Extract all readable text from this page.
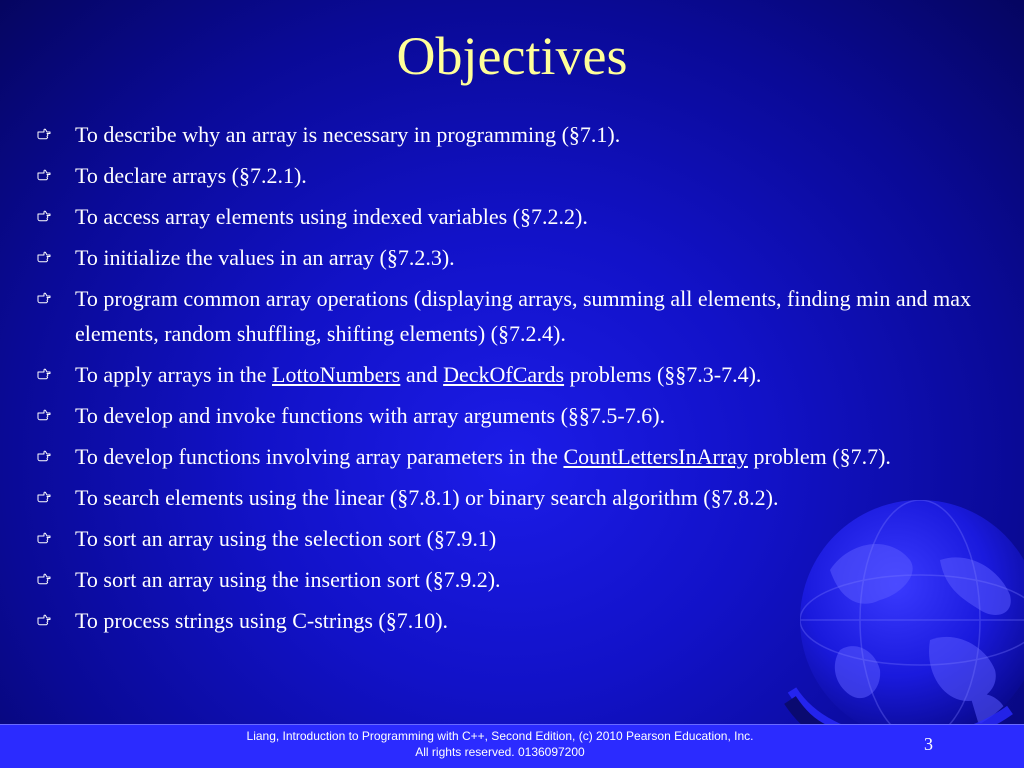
Objectives
To describe why an array is necessary in programming (§7.1).
To declare arrays (§7.2.1).
To access array elements using indexed variables (§7.2.2).
To initialize the values in an array (§7.2.3).
To program common array operations (displaying arrays, summing all elements, finding min and max elements, random shuffling, shifting elements) (§7.2.4).
To apply arrays in the LottoNumbers and DeckOfCards problems (§§7.3-7.4).
To develop and invoke functions with array arguments (§§7.5-7.6).
To develop functions involving array parameters in the CountLettersInArray problem (§7.7).
To search elements using the linear (§7.8.1) or binary search algorithm (§7.8.2).
To sort an array using the selection sort (§7.9.1)
To sort an array using the insertion sort (§7.9.2).
To process strings using C-strings (§7.10).
Liang, Introduction to Programming with C++, Second Edition, (c) 2010 Pearson Education, Inc.
All rights reserved. 0136097200	3
